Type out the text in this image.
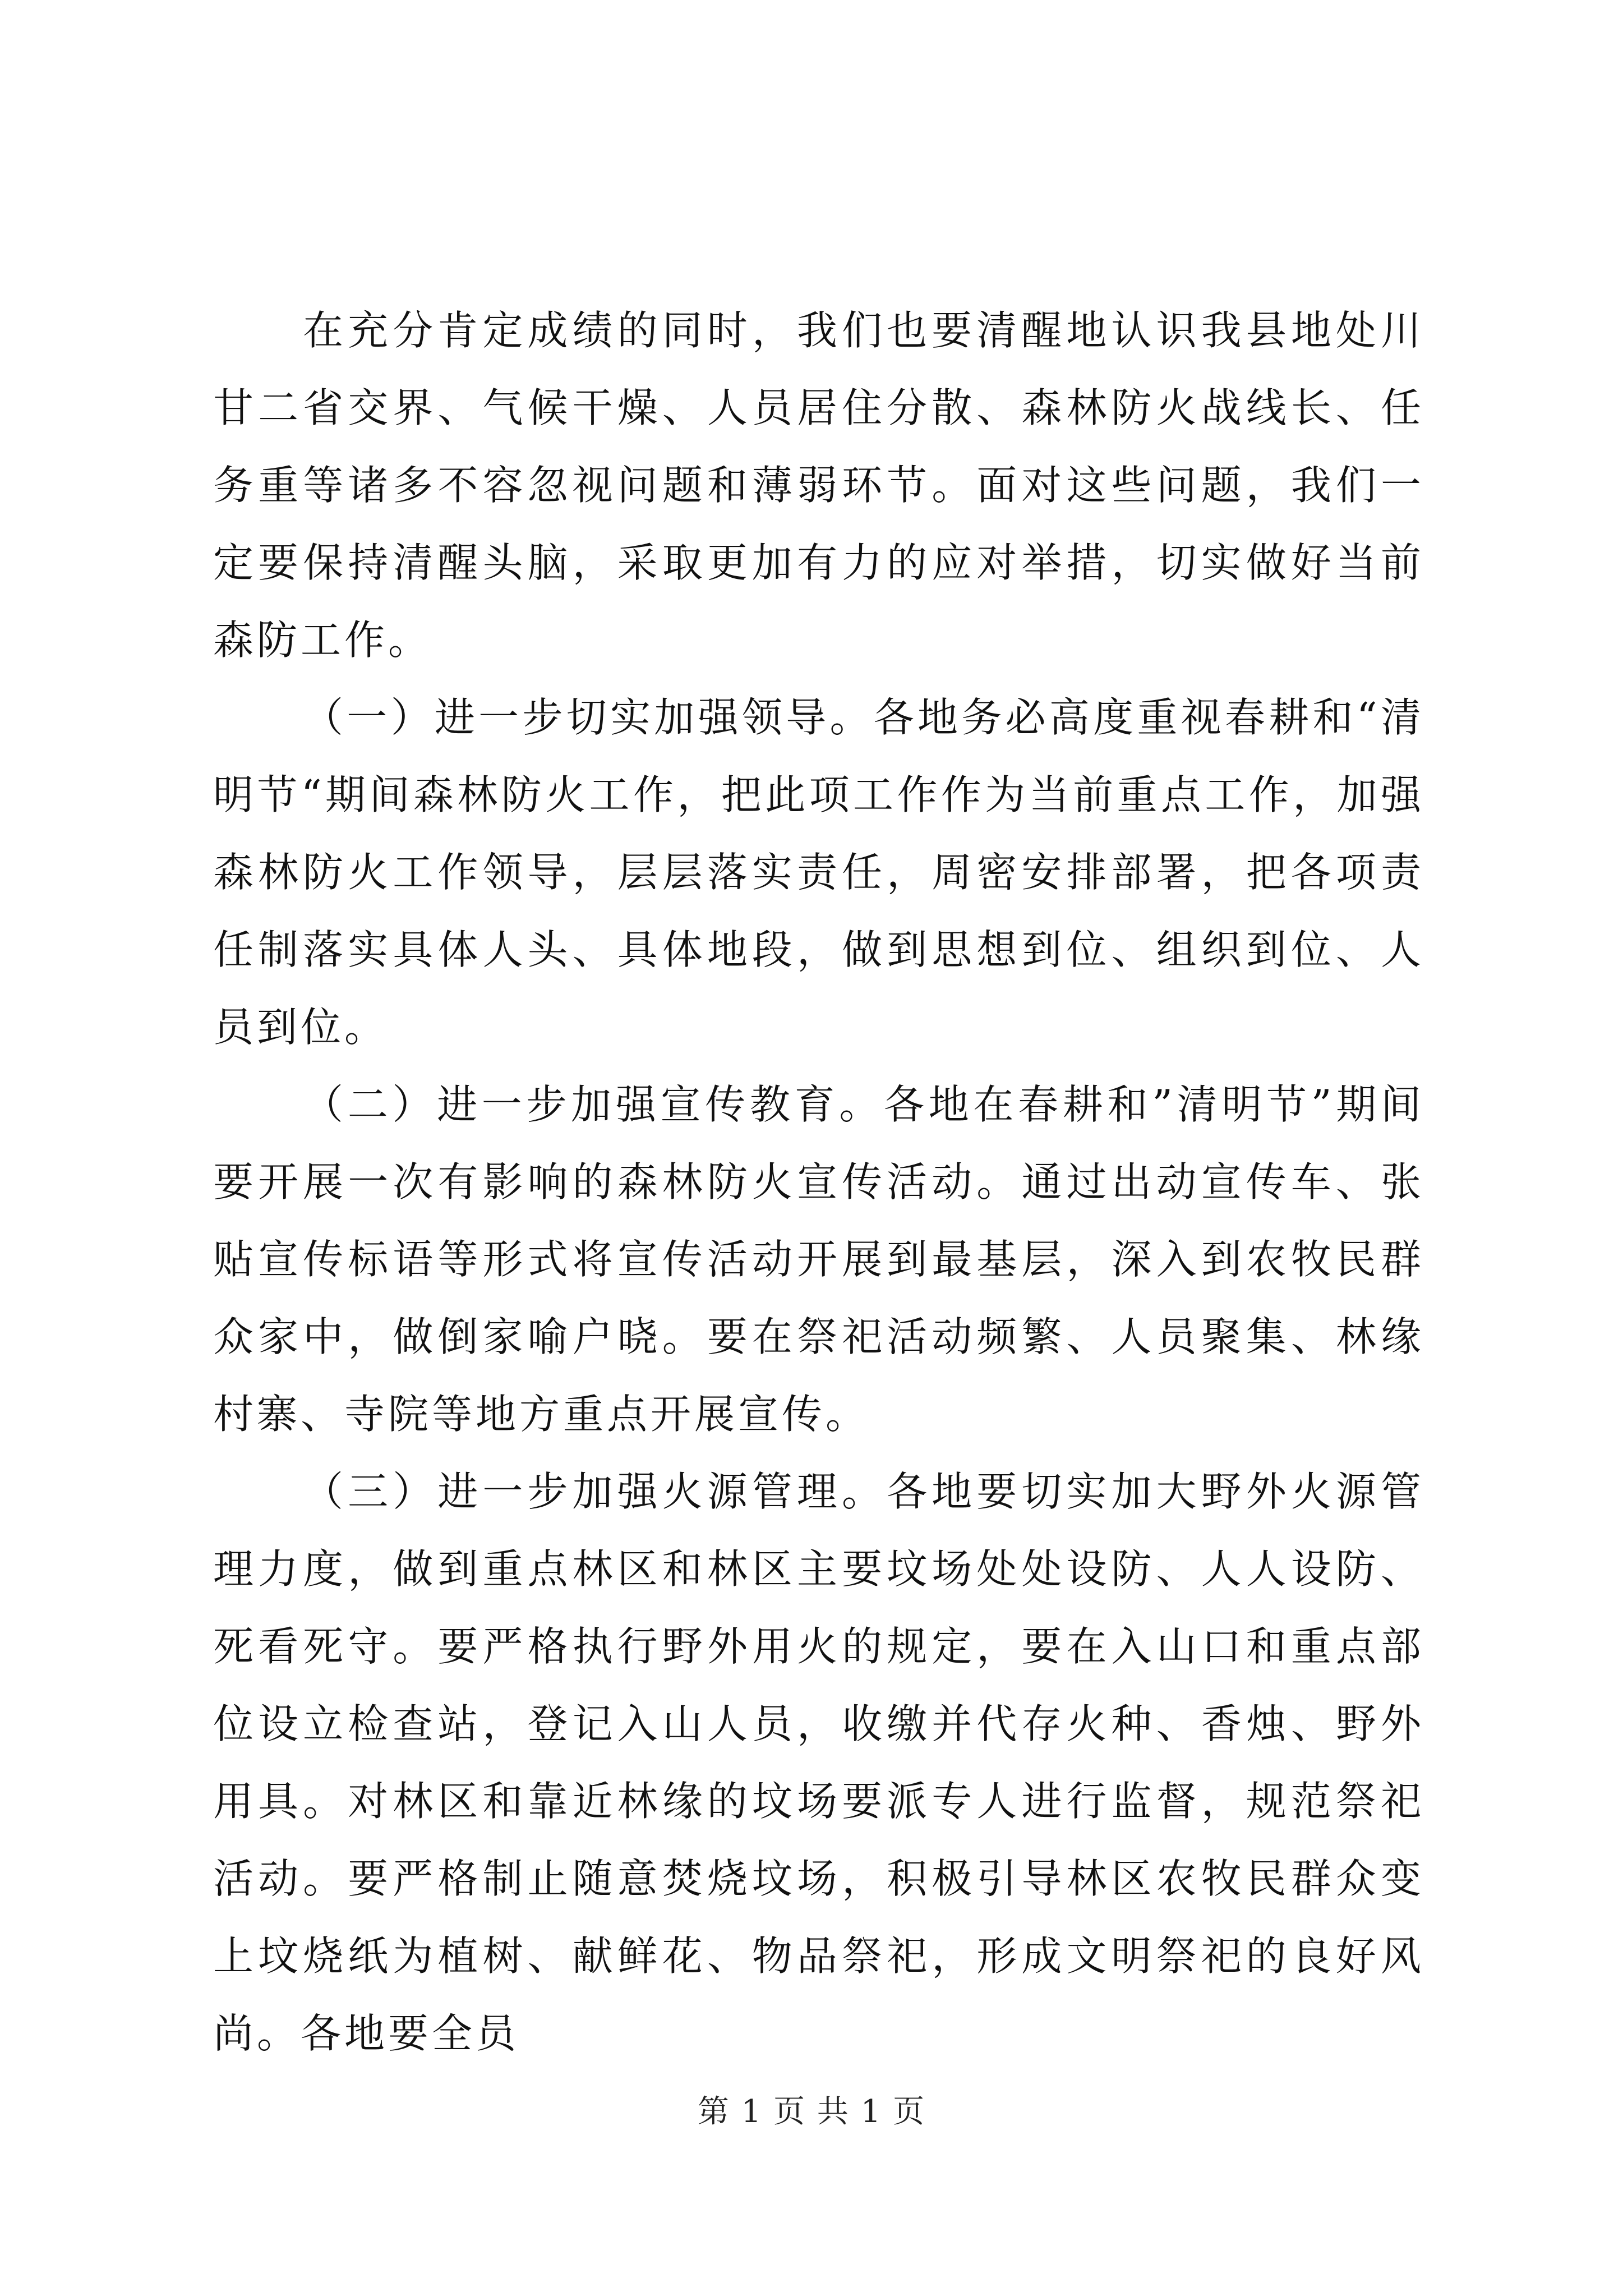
在充分肯定成绩的同时，我们也要清醒地认识我县地处川甘二省交界、气候干燥、人员居住分散、森林防火战线长、任务重等诸多不容忽视问题和薄弱环节。面对这些问题，我们一定要保持清醒头脑，采取更加有力的应对举措，切实做好当前森防工作。

（一）进一步切实加强领导。各地务必高度重视春耕和“清明节“期间森林防火工作，把此项工作作为当前重点工作，加强森林防火工作领导，层层落实责任，周密安排部署，把各项责任制落实具体人头、具体地段，做到思想到位、组织到位、人员到位。

（二）进一步加强宣传教育。各地在春耕和”清明节”期间要开展一次有影响的森林防火宣传活动。通过出动宣传车、张贴宣传标语等形式将宣传活动开展到最基层，深入到农牧民群众家中，做倒家喻户晓。要在祭祀活动频繁、人员聚集、林缘村寨、寺院等地方重点开展宣传。

（三）进一步加强火源管理。各地要切实加大野外火源管理力度，做到重点林区和林区主要坟场处处设防、人人设防、死看死守。要严格执行野外用火的规定，要在入山口和重点部位设立检查站，登记入山人员，收缴并代存火种、香烛、野外用具。对林区和靠近林缘的坟场要派专人进行监督，规范祭祀活动。要严格制止随意焚烧坟场，积极引导林区农牧民群众变上坟烧纸为植树、献鲜花、物品祭祀，形成文明祭祀的良好风尚。各地要全员

第 1 页 共 1 页
